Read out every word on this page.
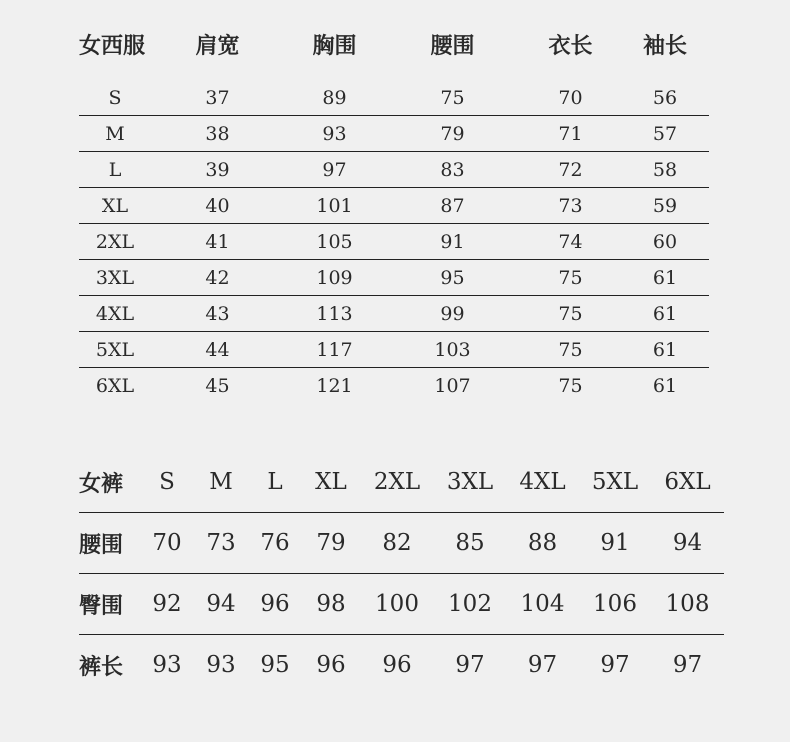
女西服	肩宽	胸围	腰围	衣长	袖长

S	37	89	75	70	56
M	38	93	79	71	57
L	39	97	83	72	58
XL	40	101	87	73	59
2XL	41	105	91	74	60
3XL	42	109	95	75	61
4XL	43	113	99	75	61
5XL	44	117	103	75	61
6XL	45	121	107	75	61
女裤	S	M	L	XL	2XL	3XL	4XL	5XL	6XL
腰围	70	73	76	79	82	85	88	91	94
臀围	92	94	96	98	100	102	104	106	108
裤长	93	93	95	96	96	97	97	97	97
